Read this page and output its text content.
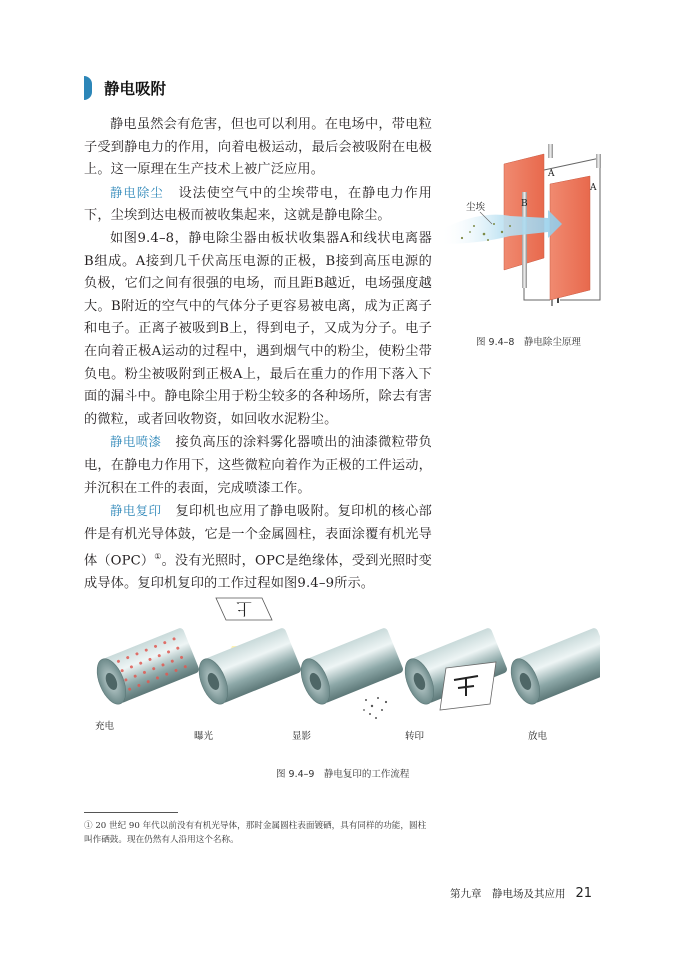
静电吸附

静电虽然会有危害，但也可以利用。在电场中，带电粒子受到静电力的作用，向着电极运动，最后会被吸附在电极上。这一原理在生产技术上被广泛应用。

静电除尘 设法使空气中的尘埃带电，在静电力作用下，尘埃到达电极而被收集起来，这就是静电除尘。

如图9.4–8，静电除尘器由板状收集器A和线状电离器B组成。A接到几千伏高压电源的正极，B接到高压电源的负极，它们之间有很强的电场，而且距B越近，电场强度越大。B附近的空气中的气体分子更容易被电离，成为正离子和电子。正离子被吸到B上，得到电子，又成为分子。电子在向着正极A运动的过程中，遇到烟气中的粉尘，使粉尘带负电。粉尘被吸附到正极A上，最后在重力的作用下落入下面的漏斗中。静电除尘用于粉尘较多的各种场所，除去有害的微粒，或者回收物资，如回收水泥粉尘。

静电喷漆 接负高压的涂料雾化器喷出的油漆微粒带负电，在静电力作用下，这些微粒向着作为正极的工件运动，并沉积在工件的表面，完成喷漆工作。

静电复印 复印机也应用了静电吸附。复印机的核心部件是有机光导体鼓，它是一个金属圆柱，表面涂覆有机光导体（OPC）①。没有光照时，OPC是绝缘体，受到光照时变成导体。复印机复印的工作过程如图9.4–9所示。

尘埃
A
A
B
图 9.4–8　静电除尘原理
上
充电
曝光	显影	转印	放电
图 9.4–9　静电复印的工作流程
① 20 世纪 90 年代以前没有有机光导体，那时金属圆柱表面镀硒，具有同样的功能，圆柱叫作硒鼓。现在仍然有人沿用这个名称。
第九章　静电场及其应用 21
